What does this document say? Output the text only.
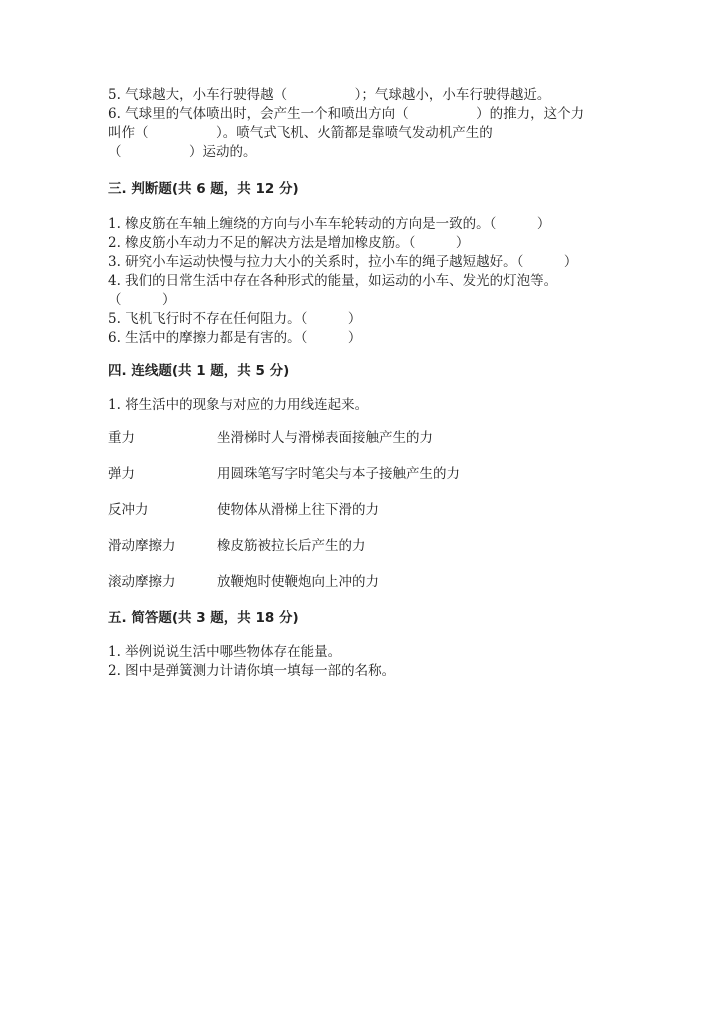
5. 气球越大，小车行驶得越（　　　　　）；气球越小，小车行驶得越近。

6. 气球里的气体喷出时，会产生一个和喷出方向（　　　　　）的推力，这个力

叫作（　　　　　）。喷气式飞机、火箭都是靠喷气发动机产生的

（　　　　　）运动的。

三. 判断题(共 6 题，共 12 分)

1. 橡皮筋在车轴上缠绕的方向与小车车轮转动的方向是一致的。（　　　）

2. 橡皮筋小车动力不足的解决方法是增加橡皮筋。（　　　）

3. 研究小车运动快慢与拉力大小的关系时，拉小车的绳子越短越好。（　　　）

4. 我们的日常生活中存在各种形式的能量，如运动的小车、发光的灯泡等。

（　　　）

5. 飞机飞行时不存在任何阻力。（　　　）

6. 生活中的摩擦力都是有害的。（　　　）

四. 连线题(共 1 题，共 5 分)

1. 将生活中的现象与对应的力用线连起来。

重力	坐滑梯时人与滑梯表面接触产生的力
弹力	用圆珠笔写字时笔尖与本子接触产生的力
反冲力	使物体从滑梯上往下滑的力
滑动摩擦力	橡皮筋被拉长后产生的力
滚动摩擦力	放鞭炮时使鞭炮向上冲的力

五. 简答题(共 3 题，共 18 分)

1. 举例说说生活中哪些物体存在能量。

2. 图中是弹簧测力计请你填一填每一部的名称。
